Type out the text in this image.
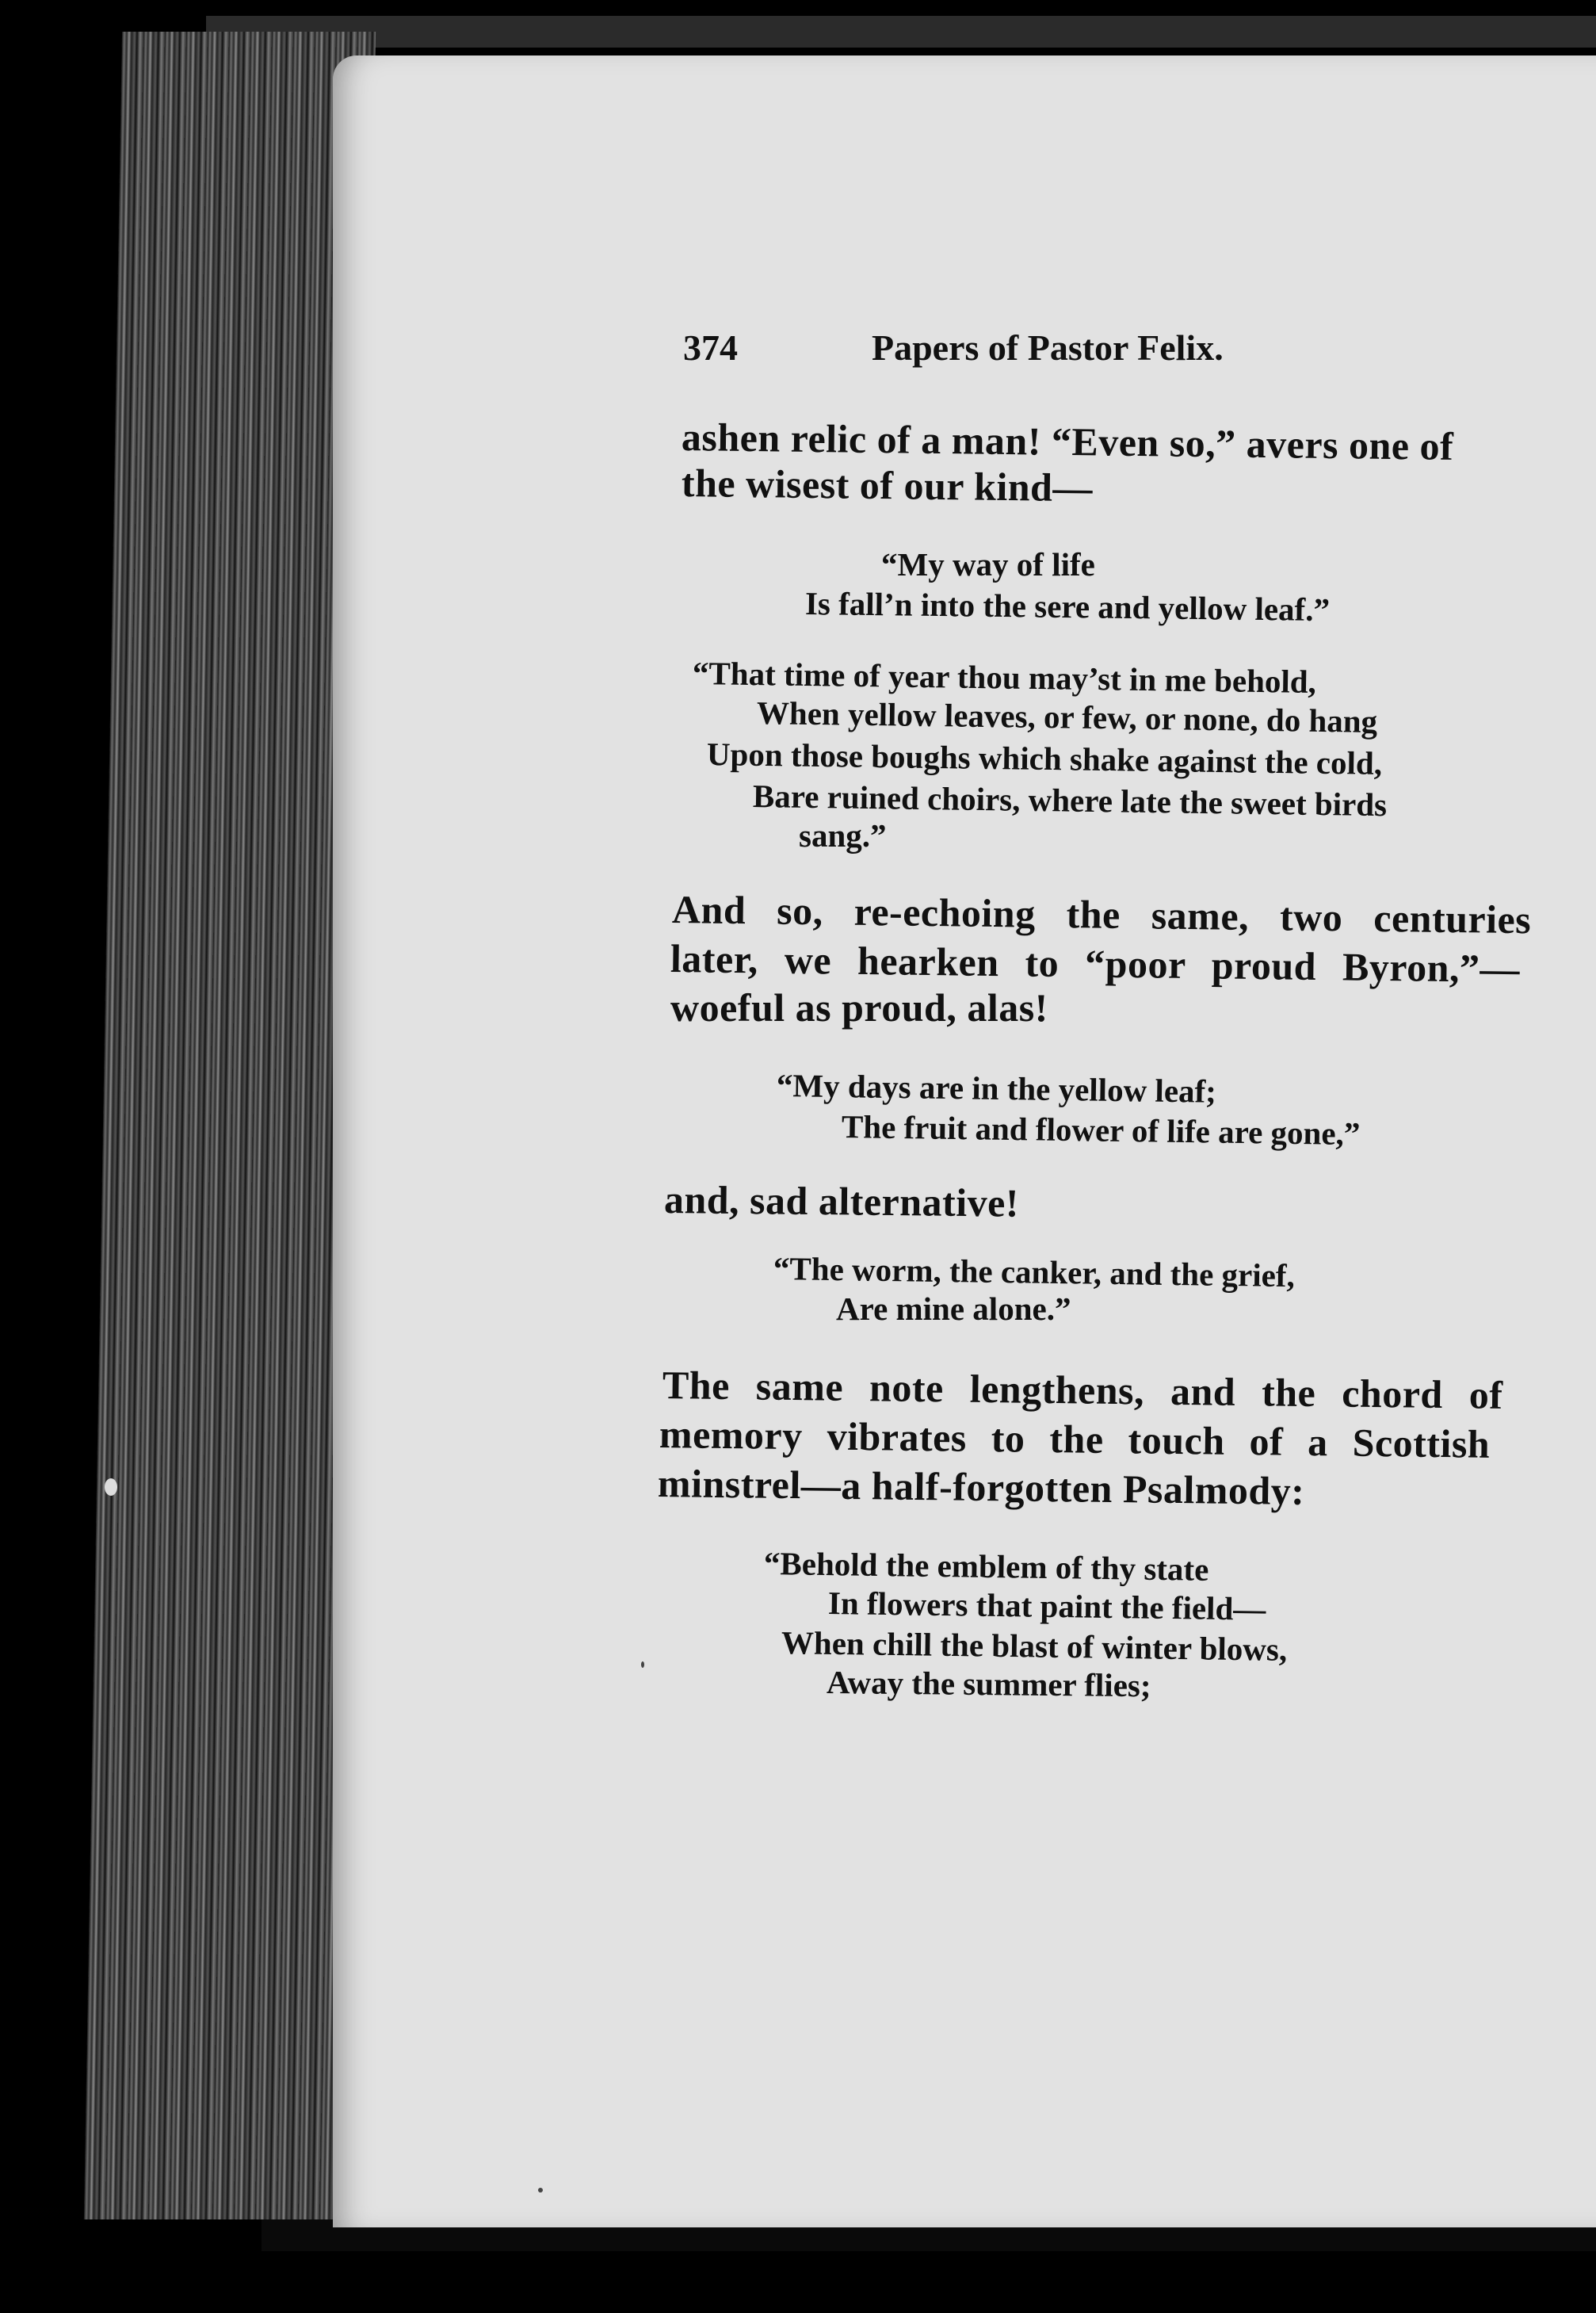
374	Papers of Pastor Felix.
ashen relic of a man! “Even so,” avers one of
the wisest of our kind—
“My way of life
Is fall’n into the sere and yellow leaf.”
“That time of year thou may’st in me behold,
When yellow leaves, or few, or none, do hang
Upon those boughs which shake against the cold,
Bare ruined choirs, where late the sweet birds
sang.”
And so, re-echoing the same, two centuries
later, we hearken to “poor proud Byron,”—
woeful as proud, alas!
“My days are in the yellow leaf;
The fruit and flower of life are gone,”
and, sad alternative!
“The worm, the canker, and the grief,
Are mine alone.”
The same note lengthens, and the chord of
memory vibrates to the touch of a Scottish
minstrel—a half-forgotten Psalmody:
“Behold the emblem of thy state
In flowers that paint the field—
When chill the blast of winter blows,
Away the summer flies;
